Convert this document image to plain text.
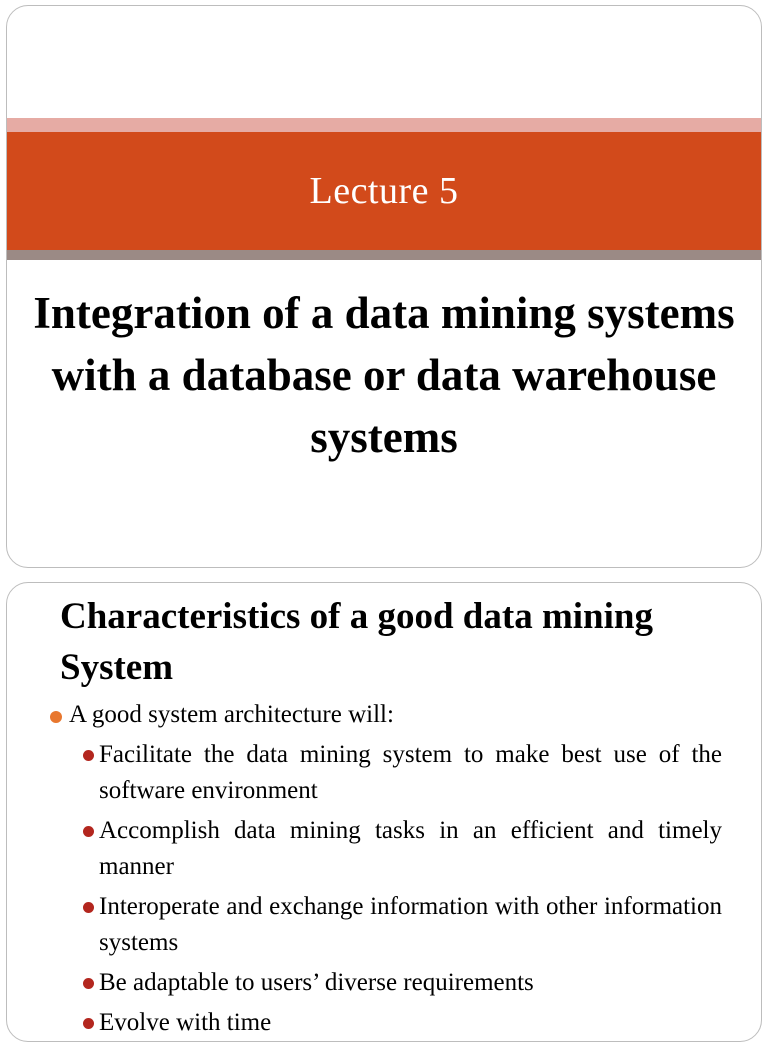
Lecture 5
Integration of a data mining systems with a database or data warehouse systems
Characteristics of a good data mining System
A good system architecture will:
Facilitate the data mining system to make best use of the software environment
Accomplish data mining tasks in an efficient and timely manner
Interoperate and exchange information with other information systems
Be adaptable to users’ diverse requirements
Evolve with time
